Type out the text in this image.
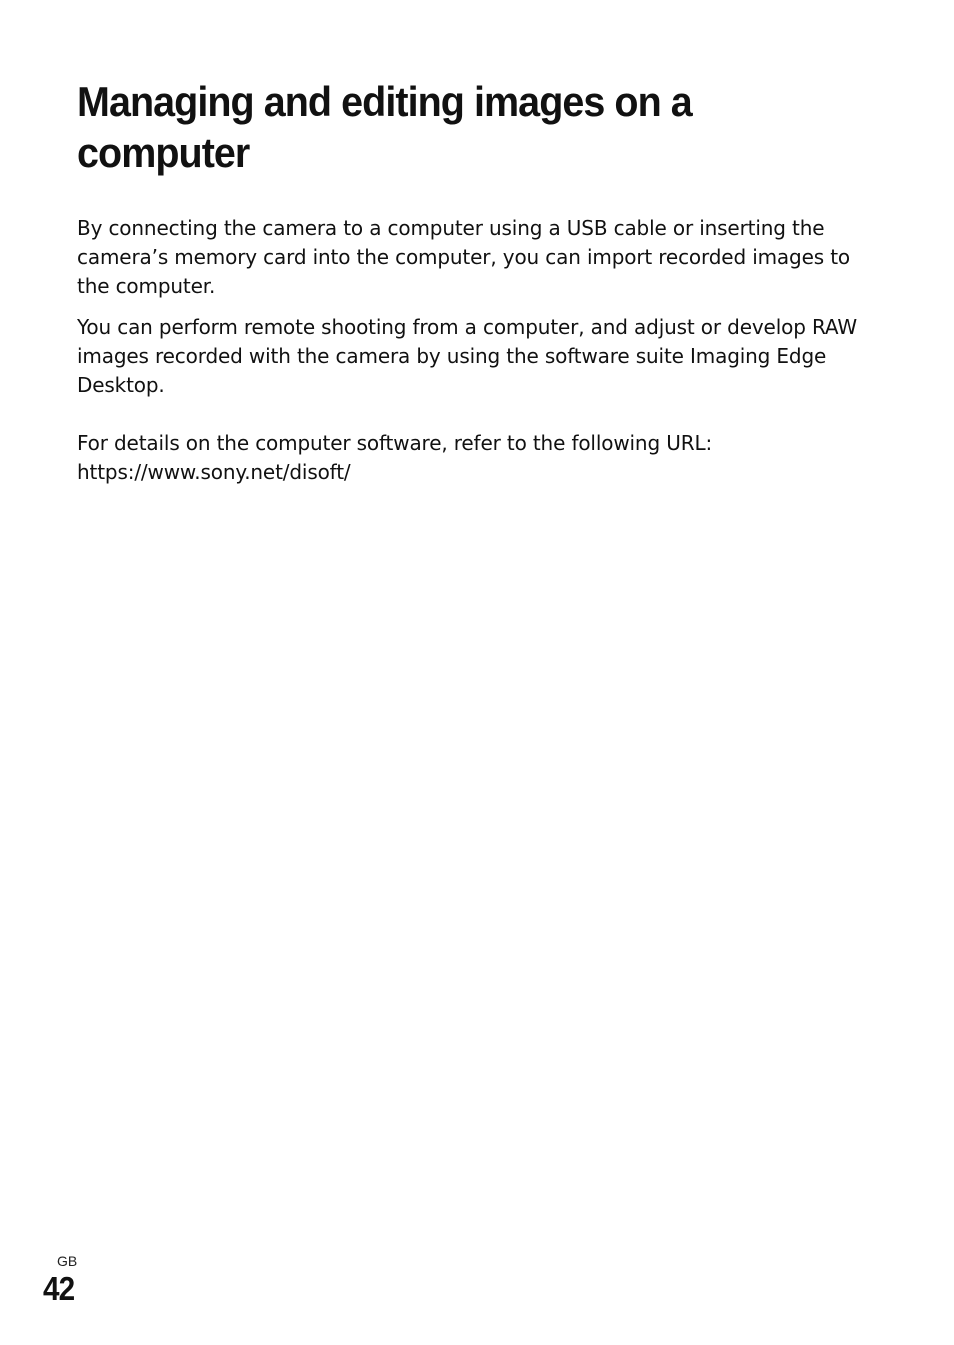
Managing and editing images on a computer

By connecting the camera to a computer using a USB cable or inserting the camera’s memory card into the computer, you can import recorded images to the computer.

You can perform remote shooting from a computer, and adjust or develop RAW images recorded with the camera by using the software suite Imaging Edge Desktop.

For details on the computer software, refer to the following URL:

https://www.sony.net/disoft/

GB
42
